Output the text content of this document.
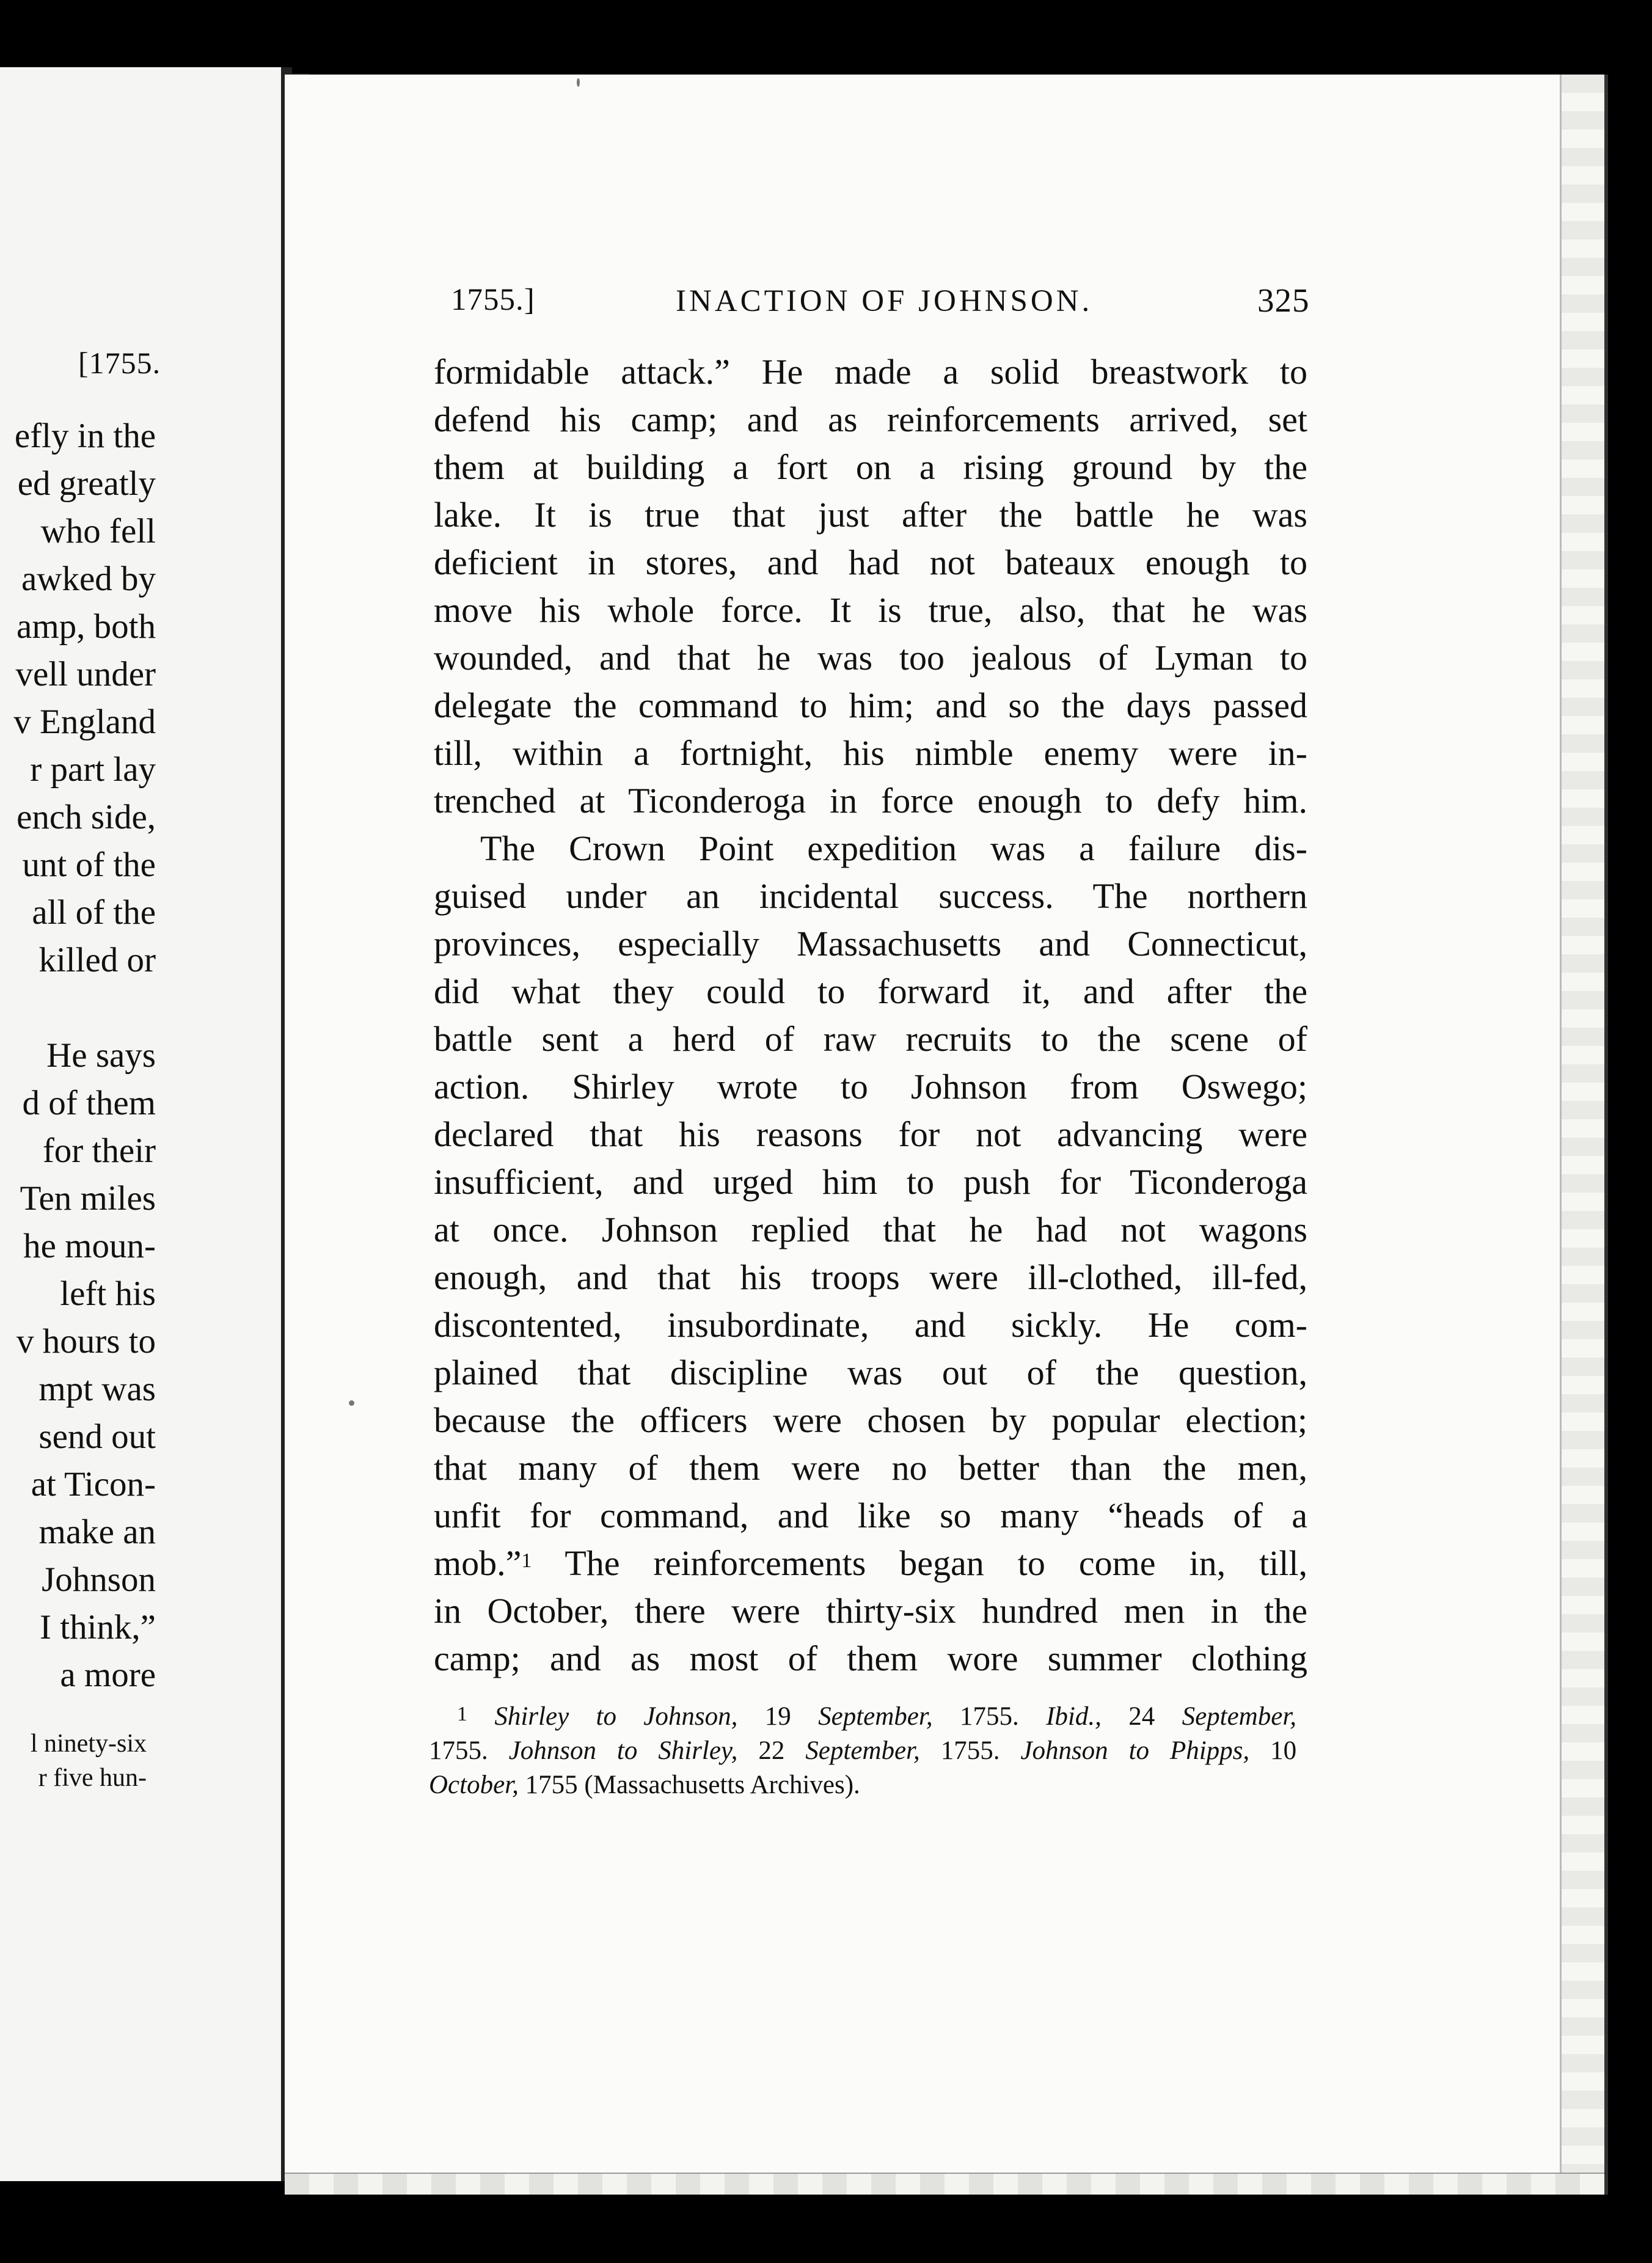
[1755.
efly in the
ed greatly
who fell
awked by
amp, both
vell under
v England
r part lay
ench side,
unt of the
all of the
killed or
He says
d of them
for their
Ten miles
he moun-
left his
v hours to
mpt was
send out
at Ticon-
make an
Johnson
I think,”
a more
l ninety-six
r five hun-
1755.]	INACTION OF JOHNSON.	325
formidable attack.” He made a solid breastwork to
defend his camp; and as reinforcements arrived, set
them at building a fort on a rising ground by the
lake. It is true that just after the battle he was
deficient in stores, and had not bateaux enough to
move his whole force. It is true, also, that he was
wounded, and that he was too jealous of Lyman to
delegate the command to him; and so the days passed
till, within a fortnight, his nimble enemy were in-
trenched at Ticonderoga in force enough to defy him.
The Crown Point expedition was a failure dis-
guised under an incidental success. The northern
provinces, especially Massachusetts and Connecticut,
did what they could to forward it, and after the
battle sent a herd of raw recruits to the scene of
action. Shirley wrote to Johnson from Oswego;
declared that his reasons for not advancing were
insufficient, and urged him to push for Ticonderoga
at once. Johnson replied that he had not wagons
enough, and that his troops were ill-clothed, ill-fed,
discontented, insubordinate, and sickly. He com-
plained that discipline was out of the question,
because the officers were chosen by popular election;
that many of them were no better than the men,
unfit for command, and like so many “heads of a
mob.”$^1$ The reinforcements began to come in, till,
in October, there were thirty-six hundred men in the
camp; and as most of them wore summer clothing
$^1$ Shirley to Johnson, 19 September, 1755. Ibid., 24 September,
1755. Johnson to Shirley, 22 September, 1755. Johnson to Phipps, 10
October, 1755 (Massachusetts Archives).
